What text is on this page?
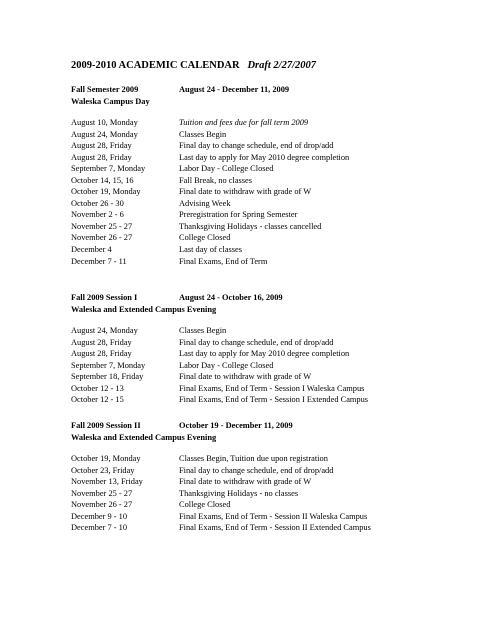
2009-2010 ACADEMIC CALENDAR Draft 2/27/2007
Fall Semester 2009	August 24 - December 11, 2009
Waleska Campus Day
August 10, Monday	Tuition and fees due for fall term 2009
August 24, Monday	Classes Begin
August 28, Friday	Final day to change schedule, end of drop/add
August 28, Friday	Last day to apply for May 2010 degree completion
September 7, Monday	Labor Day - College Closed
October 14, 15, 16	Fall Break, no classes
October 19, Monday	Final date to withdraw with grade of W
October 26 - 30	Advising Week
November 2 - 6	Preregistration for Spring Semester
November 25 - 27	Thanksgiving Holidays - classes cancelled
November 26 - 27	College Closed
December 4	Last day of classes
December 7 - 11	Final Exams, End of Term
Fall 2009 Session I	August 24 - October 16, 2009
Waleska and Extended Campus Evening
August 24, Monday	Classes Begin
August 28, Friday	Final day to change schedule, end of drop/add
August 28, Friday	Last day to apply for May 2010 degree completion
September 7, Monday	Labor Day - College Closed
September 18, Friday	Final date to withdraw with grade of W
October 12 - 13	Final Exams, End of Term - Session I Waleska Campus
October 12 - 15	Final Exams, End of Term - Session I Extended Campus
Fall 2009 Session II	October 19 - December 11, 2009
Waleska and Extended Campus Evening
October 19, Monday	Classes Begin, Tuition due upon registration
October 23, Friday	Final day to change schedule, end of drop/add
November 13, Friday	Final date to withdraw with grade of W
November 25 - 27	Thanksgiving Holidays - no classes
November 26 - 27	College Closed
December 9 - 10	Final Exams, End of Term - Session II Waleska Campus
December 7 - 10	Final Exams, End of Term - Session II Extended Campus
